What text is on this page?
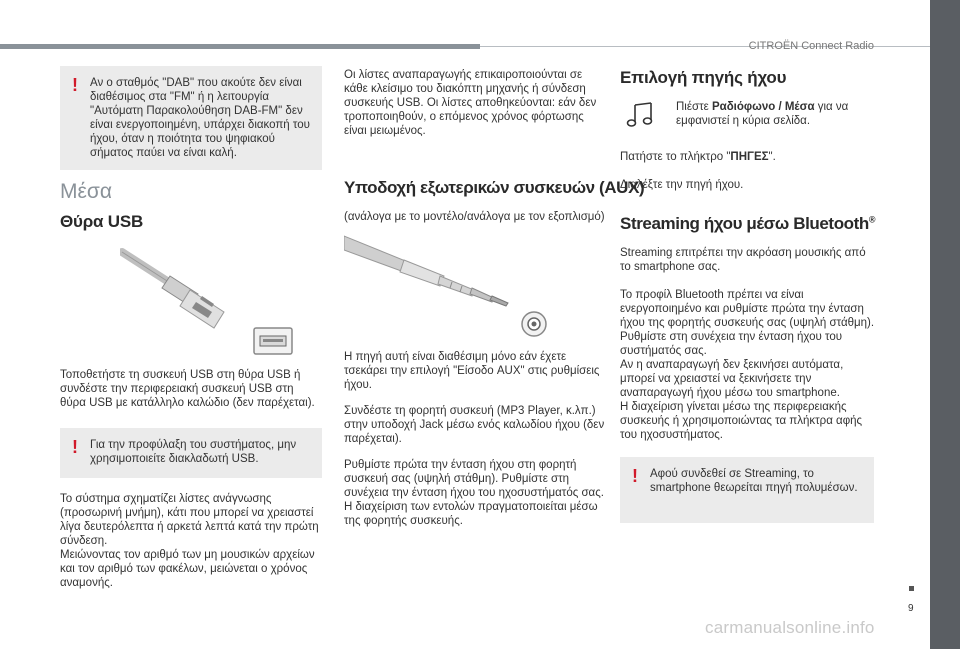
CITROËN Connect Radio
9
carmanualsonline.info
! Αν ο σταθμός "DAB" που ακούτε δεν είναι διαθέσιμος στα "FM" ή η λειτουργία "Αυτόματη Παρακολούθηση DAB-FM" δεν είναι ενεργοποιημένη, υπάρχει διακοπή του ήχου, όταν η ποιότητα του ψηφιακού σήματος παύει να είναι καλή.
Μέσα
Θύρα USB

Τοποθετήστε τη συσκευή USB στη θύρα USB ή συνδέστε την περιφερειακή συσκευή USB στη θύρα USB με κατάλληλο καλώδιο (δεν παρέχεται).

! Για την προφύλαξη του συστήματος, μην χρησιμοποιείτε διακλαδωτή USB.

Το σύστημα σχηματίζει λίστες ανάγνωσης (προσωρινή μνήμη), κάτι που μπορεί να χρειαστεί λίγα δευτερόλεπτα ή αρκετά λεπτά κατά την πρώτη σύνδεση.
Μειώνοντας τον αριθμό των μη μουσικών αρχείων και τον αριθμό των φακέλων, μειώνεται ο χρόνος αναμονής.

Οι λίστες αναπαραγωγής επικαιροποιούνται σε κάθε κλείσιμο του διακόπτη μηχανής ή σύνδεση συσκευής USB. Οι λίστες αποθηκεύονται: εάν δεν τροποποιηθούν, ο επόμενος χρόνος φόρτωσης είναι μειωμένος.

Υποδοχή εξωτερικών συσκευών (AUX)

(ανάλογα με το μοντέλο/ανάλογα με τον εξοπλισμό)

Η πηγή αυτή είναι διαθέσιμη μόνο εάν έχετε τσεκάρει την επιλογή "Είσοδο AUX" στις ρυθμίσεις ήχου.

Συνδέστε τη φορητή συσκευή (MP3 Player, κ.λπ.) στην υποδοχή Jack μέσω ενός καλωδίου ήχου (δεν παρέχεται).

Ρυθμίστε πρώτα την ένταση ήχου στη φορητή συσκευή σας (υψηλή στάθμη). Ρυθμίστε στη συνέχεια την ένταση ήχου του ηχοσυστήματός σας.
Η διαχείριση των εντολών πραγματοποιείται μέσω της φορητής συσκευής.

Επιλογή πηγής ήχου

Πιέστε Ραδιόφωνο / Μέσα για να εμφανιστεί η κύρια σελίδα.

Πατήστε το πλήκτρο "ΠΗΓΕΣ".

Διαλέξτε την πηγή ήχου.

Streaming ήχου μέσω Bluetooth®

Streaming επιτρέπει την ακρόαση μουσικής από το smartphone σας.

Το προφίλ Bluetooth πρέπει να είναι ενεργοποιημένο και ρυθμίστε πρώτα την ένταση ήχου της φορητής συσκευής σας (υψηλή στάθμη).
Ρυθμίστε στη συνέχεια την ένταση ήχου του συστήματός σας.

Αν η αναπαραγωγή δεν ξεκινήσει αυτόματα, μπορεί να χρειαστεί να ξεκινήσετε την αναπαραγωγή ήχου μέσω του smartphone.
Η διαχείριση γίνεται μέσω της περιφερειακής συσκευής ή χρησιμοποιώντας τα πλήκτρα αφής του ηχοσυστήματος.

! Αφού συνδεθεί σε Streaming, το smartphone θεωρείται πηγή πολυμέσων.
